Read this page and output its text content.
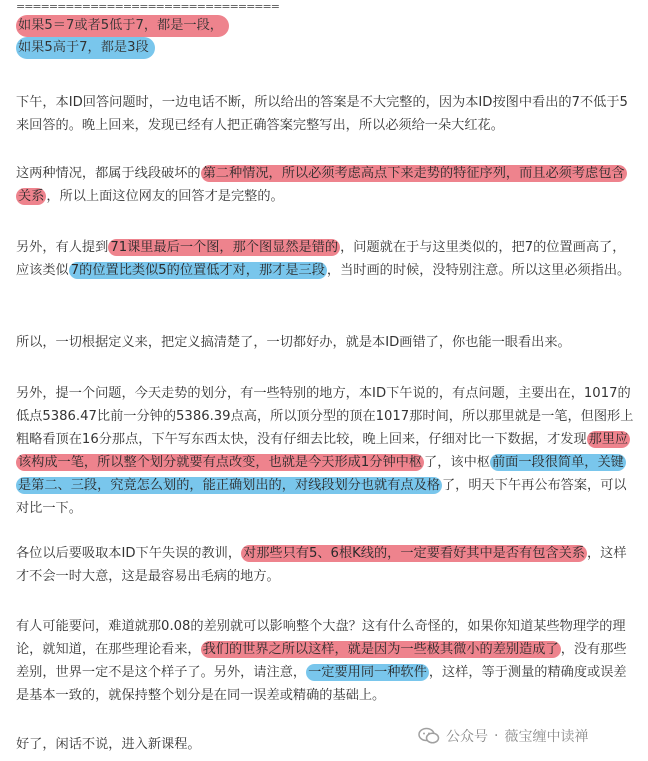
================================
如果5＝7或者5低于7，都是一段，
如果5高于7，都是3段

下午，本ID回答问题时，一边电话不断，所以给出的答案是不大完整的，因为本ID按图中看出的7不低于5来回答的。晚上回来，发现已经有人把正确答案完整写出，所以必须给一朵大红花。

这两种情况，都属于线段破坏的 第二种情况，所以必须考虑高点下来走势的特征序列，而且必须考虑包含关系 ，所以上面这位网友的回答才是完整的。

另外，有人提到 71课里最后一个图，那个图显然是错的 ，问题就在于与这里类似的，把7的位置画高了，应该类似 7的位置比类似5的位置低才对，那才是三段 ，当时画的时候，没特别注意。所以这里必须指出。

所以，一切根据定义来，把定义搞清楚了，一切都好办，就是本ID画错了，你也能一眼看出来。

另外，提一个问题，今天走势的划分，有一些特别的地方，本ID下午说的，有点问题，主要出在，1017的低点5386.47比前一分钟的5386.39点高，所以顶分型的顶在1017那时间，所以那里就是一笔，但图形上粗略看顶在16分那点，下午写东西太快，没有仔细去比较，晚上回来，仔细对比一下数据，才发现 那里应该构成一笔，所以整个划分就要有点改变，也就是今天形成1分钟中枢 了，该中枢 前面一段很简单，关键是第二、三段，究竟怎么划的，能正确划出的，对线段划分也就有点及格 了，明天下午再公布答案，可以对比一下。

各位以后要吸取本ID下午失误的教训， 对那些只有5、6根K线的，一定要看好其中是否有包含关系 ，这样才不会一时大意，这是最容易出毛病的地方。

有人可能要问，难道就那0.08的差别就可以影响整个大盘？这有什么奇怪的，如果你知道某些物理学的理论，就知道，在那些理论看来， 我们的世界之所以这样，就是因为一些极其微小的差别造成了 ，没有那些差别，世界一定不是这个样子了。另外，请注意， 一定要用同一种软件 ，这样，等于测量的精确度或误差是基本一致的，就保持整个划分是在同一误差或精确的基础上。

好了，闲话不说，进入新课程。	公众号 · 薇宝缠中读禅
